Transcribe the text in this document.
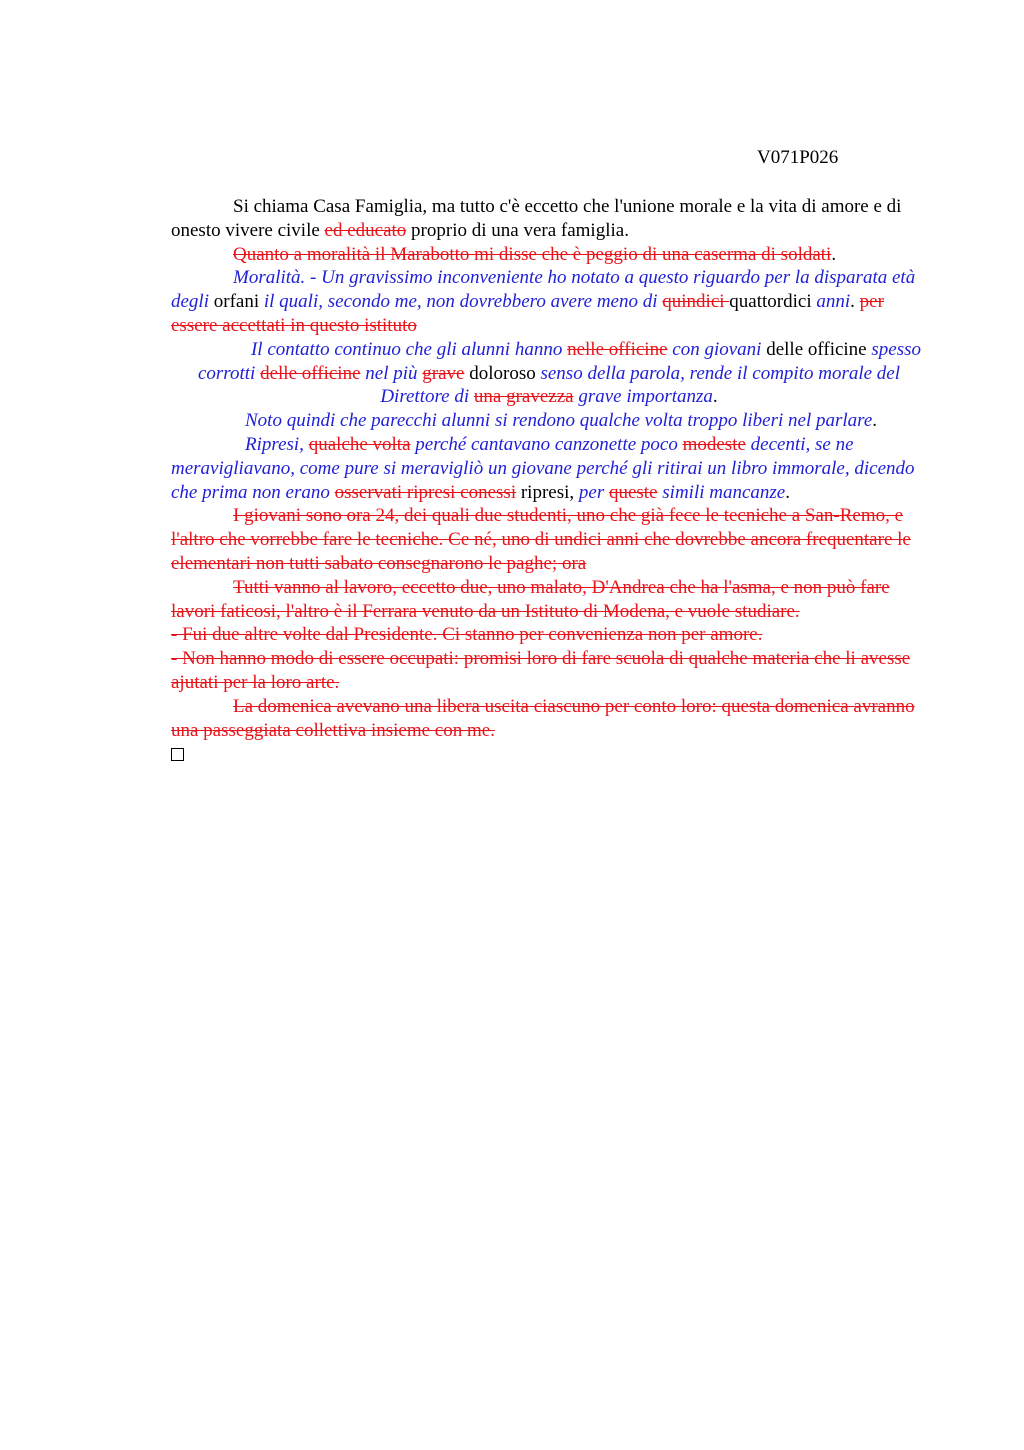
V071P026

Si chiama Casa Famiglia, ma tutto c'è eccetto che l'unione morale e la vita di amore e di onesto vivere civile ed educato proprio di una vera famiglia.

Quanto a moralità il Marabotto mi disse che è peggio di una caserma di soldati.

Moralità. - Un gravissimo inconveniente ho notato a questo riguardo per la disparata età degli orfani il quali, secondo me, non dovrebbero avere meno di quindici quattordici anni. per essere accettati in questo istituto

Il contatto continuo che gli alunni hanno nelle officine con giovani delle officine spesso corrotti delle officine nel più grave doloroso senso della parola, rende il compito morale del Direttore di una gravezza grave importanza.

Noto quindi che parecchi alunni si rendono qualche volta troppo liberi nel parlare.

Ripresi, qualche volta perché cantavano canzonette poco modeste decenti, se ne meravigliavano, come pure si meravigliò un giovane perché gli ritirai un libro immorale, dicendo che prima non erano osservati ripresi conessi ripresi, per queste simili mancanze.

I giovani sono ora 24, dei quali due studenti, uno che già fece le tecniche a San-Remo, e l'altro che vorrebbe fare le tecniche. Ce né, uno di undici anni che dovrebbe ancora frequentare le elementari non tutti sabato consegnarono le paghe; ora

Tutti vanno al lavoro, eccetto due, uno malato, D'Andrea che ha l'asma, e non può fare lavori faticosi, l'altro è il Ferrara venuto da un Istituto di Modena, e vuole studiare.

- Fui due altre volte dal Presidente. Ci stanno per convenienza non per amore.

- Non hanno modo di essere occupati: promisi loro di fare scuola di qualche materia che li avesse ajutati per la loro arte.

La domenica avevano una libera uscita ciascuno per conto loro: questa domenica avranno una passeggiata collettiva insieme con me.
